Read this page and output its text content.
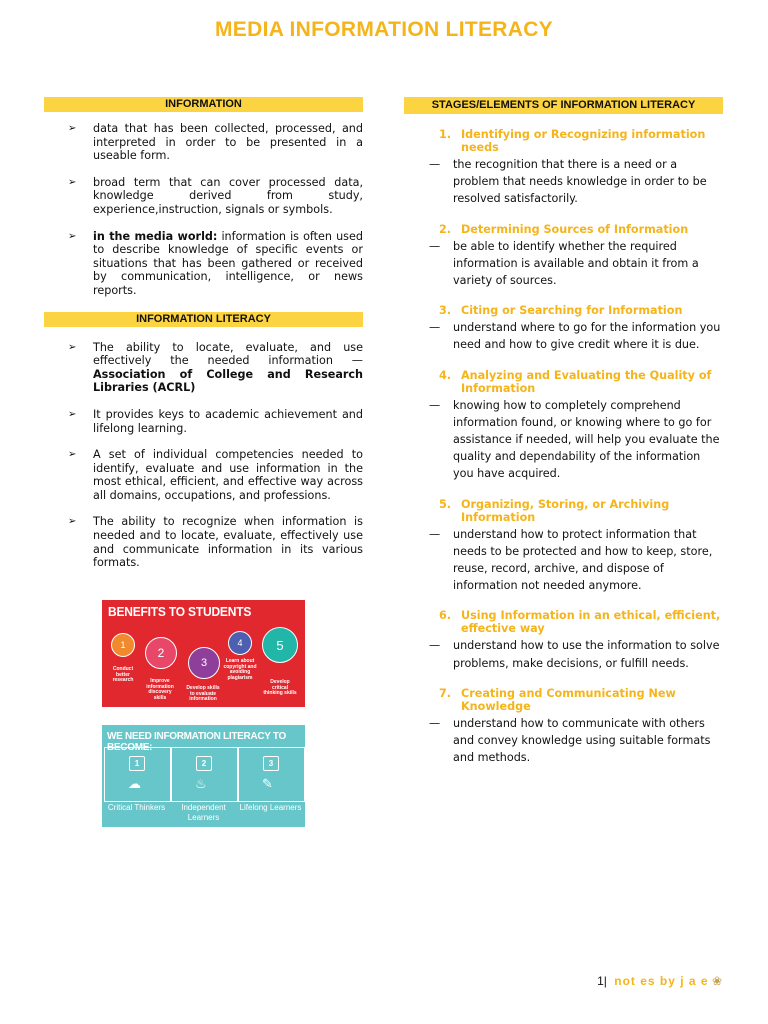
MEDIA INFORMATION LITERACY
INFORMATION
➢ data that has been collected, processed, and interpreted in order to be presented in a useable form.
➢ broad term that can cover processed data, knowledge derived from study, experience,instruction, signals or symbols.
➢ in the media world: information is often used to describe knowledge of specific events or situations that has been gathered or received by communication, intelligence, or news reports.
INFORMATION LITERACY
➢ The ability to locate, evaluate, and use effectively the needed information — Association of College and Research Libraries (ACRL)
➢ It provides keys to academic achievement and lifelong learning.
➢ A set of individual competencies needed to identify, evaluate and use information in the most ethical, efficient, and effective way across all domains, occupations, and professions.
➢ The ability to recognize when information is needed and to locate, evaluate, effectively use and communicate information in its various formats.
BENEFITS TO STUDENTS
1
Conduct better research
2
Improve information discovery skills
3
Develop skills to evaluate information
4
Learn about copyright and avoiding plagiarism
5
Develop critical thinking skills
WE NEED INFORMATION LITERACY TO BECOME:
1
☁
2
♨
3
✎
Critical Thinkers	Independent Learners
Lifelong Learners
STAGES/ELEMENTS OF INFORMATION LITERACY
1. Identifying or Recognizing information needs
— the recognition that there is a need or a problem that needs knowledge in order to be resolved satisfactorily.
2. Determining Sources of Information
— be able to identify whether the required information is available and obtain it from a variety of sources.
3. Citing or Searching for Information
— understand where to go for the information you need and how to give credit where it is due.
4. Analyzing and Evaluating the Quality of Information
— knowing how to completely comprehend information found, or knowing where to go for assistance if needed, will help you evaluate the quality and dependability of the information you have acquired.
5. Organizing, Storing, or Archiving Information
— understand how to protect information that needs to be protected and how to keep, store, reuse, record, archive, and dispose of information not needed anymore.
6. Using Information in an ethical, efficient, effective way
— understand how to use the information to solve problems, make decisions, or fulfill needs.
7. Creating and Communicating New Knowledge
— understand how to communicate with others and convey knowledge using suitable formats and methods.
1| not es by j a e ❀
